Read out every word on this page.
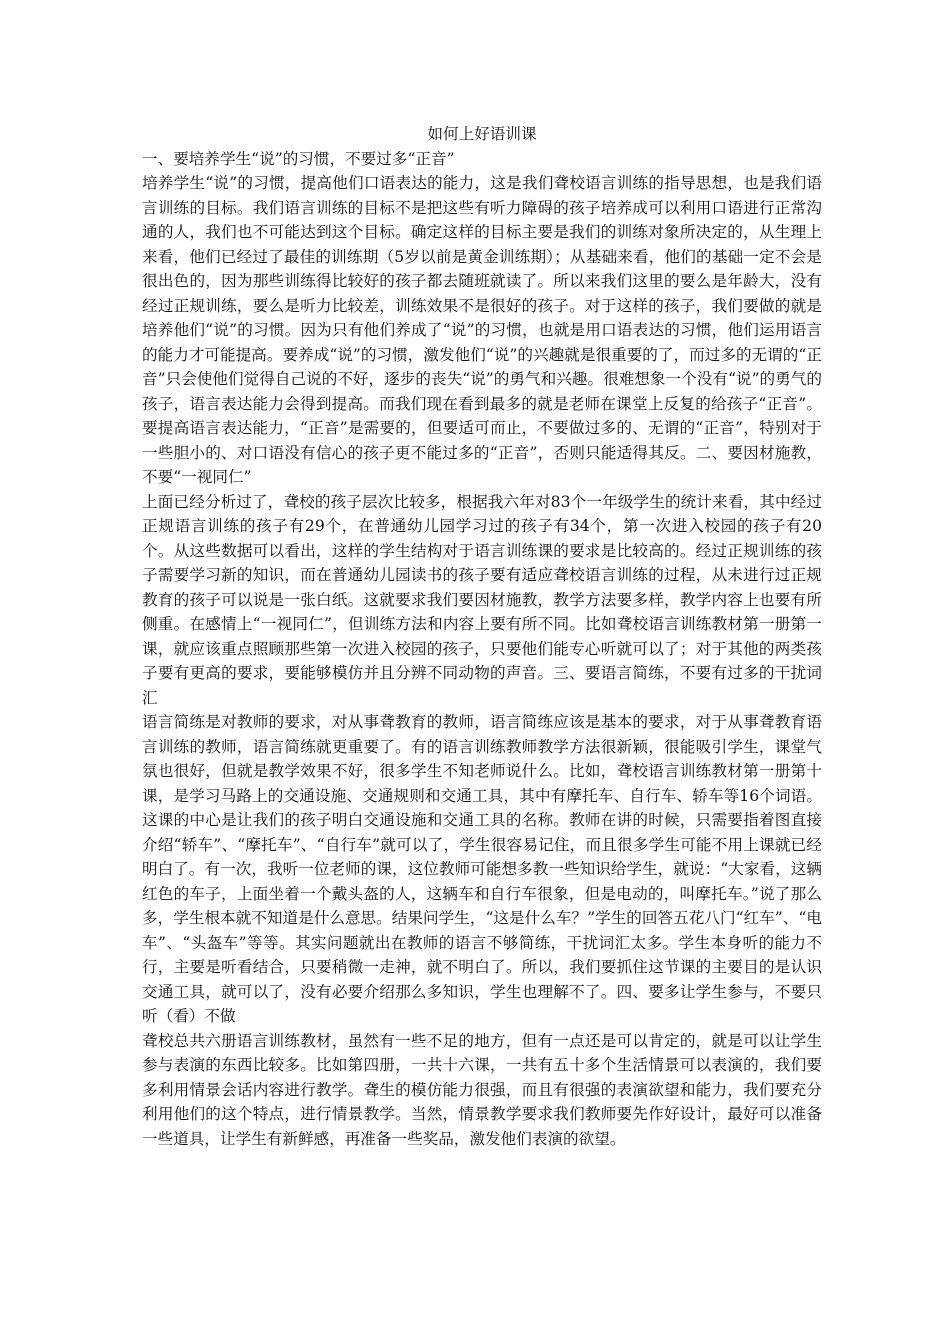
如何上好语训课

一、要培养学生“说”的习惯，不要过多“正音”

培养学生“说”的习惯，提高他们口语表达的能力，这是我们聋校语言训练的指导思想，也是我们语言训练的目标。我们语言训练的目标不是把这些有听力障碍的孩子培养成可以利用口语进行正常沟通的人，我们也不可能达到这个目标。确定这样的目标主要是我们的训练对象所决定的，从生理上来看，他们已经过了最佳的训练期（5岁以前是黄金训练期）；从基础来看，他们的基础一定不会是很出色的，因为那些训练得比较好的孩子都去随班就读了。所以来我们这里的要么是年龄大，没有经过正规训练，要么是听力比较差，训练效果不是很好的孩子。对于这样的孩子，我们要做的就是培养他们“说”的习惯。因为只有他们养成了“说”的习惯，也就是用口语表达的习惯，他们运用语言的能力才可能提高。要养成“说”的习惯，激发他们“说”的兴趣就是很重要的了，而过多的无谓的“正音”只会使他们觉得自己说的不好，逐步的丧失“说”的勇气和兴趣。很难想象一个没有“说”的勇气的孩子，语言表达能力会得到提高。而我们现在看到最多的就是老师在课堂上反复的给孩子“正音”。要提高语言表达能力，“正音”是需要的，但要适可而止，不要做过多的、无谓的“正音”，特别对于一些胆小的、对口语没有信心的孩子更不能过多的“正音”，否则只能适得其反。二、要因材施教，不要“一视同仁”

上面已经分析过了，聋校的孩子层次比较多，根据我六年对83个一年级学生的统计来看，其中经过正规语言训练的孩子有29个，在普通幼儿园学习过的孩子有34个，第一次进入校园的孩子有20个。从这些数据可以看出，这样的学生结构对于语言训练课的要求是比较高的。经过正规训练的孩子需要学习新的知识，而在普通幼儿园读书的孩子要有适应聋校语言训练的过程，从未进行过正规教育的孩子可以说是一张白纸。这就要求我们要因材施教，教学方法要多样，教学内容上也要有所侧重。在感情上“一视同仁”，但训练方法和内容上要有所不同。比如聋校语言训练教材第一册第一课，就应该重点照顾那些第一次进入校园的孩子，只要他们能专心听就可以了；对于其他的两类孩子要有更高的要求，要能够模仿并且分辨不同动物的声音。三、要语言简练，不要有过多的干扰词汇

语言简练是对教师的要求，对从事聋教育的教师，语言简练应该是基本的要求，对于从事聋教育语言训练的教师，语言简练就更重要了。有的语言训练教师教学方法很新颖，很能吸引学生，课堂气氛也很好，但就是教学效果不好，很多学生不知老师说什么。比如，聋校语言训练教材第一册第十课，是学习马路上的交通设施、交通规则和交通工具，其中有摩托车、自行车、轿车等16个词语。这课的中心是让我们的孩子明白交通设施和交通工具的名称。教师在讲的时候，只需要指着图直接介绍“轿车”、“摩托车”、“自行车”就可以了，学生很容易记住，而且很多学生可能不用上课就已经明白了。有一次，我听一位老师的课，这位教师可能想多教一些知识给学生，就说：“大家看，这辆红色的车子，上面坐着一个戴头盔的人，这辆车和自行车很象，但是电动的，叫摩托车。”说了那么多，学生根本就不知道是什么意思。结果问学生，“这是什么车？”学生的回答五花八门“红车”、“电车”、“头盔车”等等。其实问题就出在教师的语言不够简练，干扰词汇太多。学生本身听的能力不行，主要是听看结合，只要稍微一走神，就不明白了。所以，我们要抓住这节课的主要目的是认识交通工具，就可以了，没有必要介绍那么多知识，学生也理解不了。四、要多让学生参与，不要只听（看）不做

聋校总共六册语言训练教材，虽然有一些不足的地方，但有一点还是可以肯定的，就是可以让学生参与表演的东西比较多。比如第四册，一共十六课，一共有五十多个生活情景可以表演的，我们要多利用情景会话内容进行教学。聋生的模仿能力很强，而且有很强的表演欲望和能力，我们要充分利用他们的这个特点，进行情景教学。当然，情景教学要求我们教师要先作好设计，最好可以准备一些道具，让学生有新鲜感，再准备一些奖品，激发他们表演的欲望。
